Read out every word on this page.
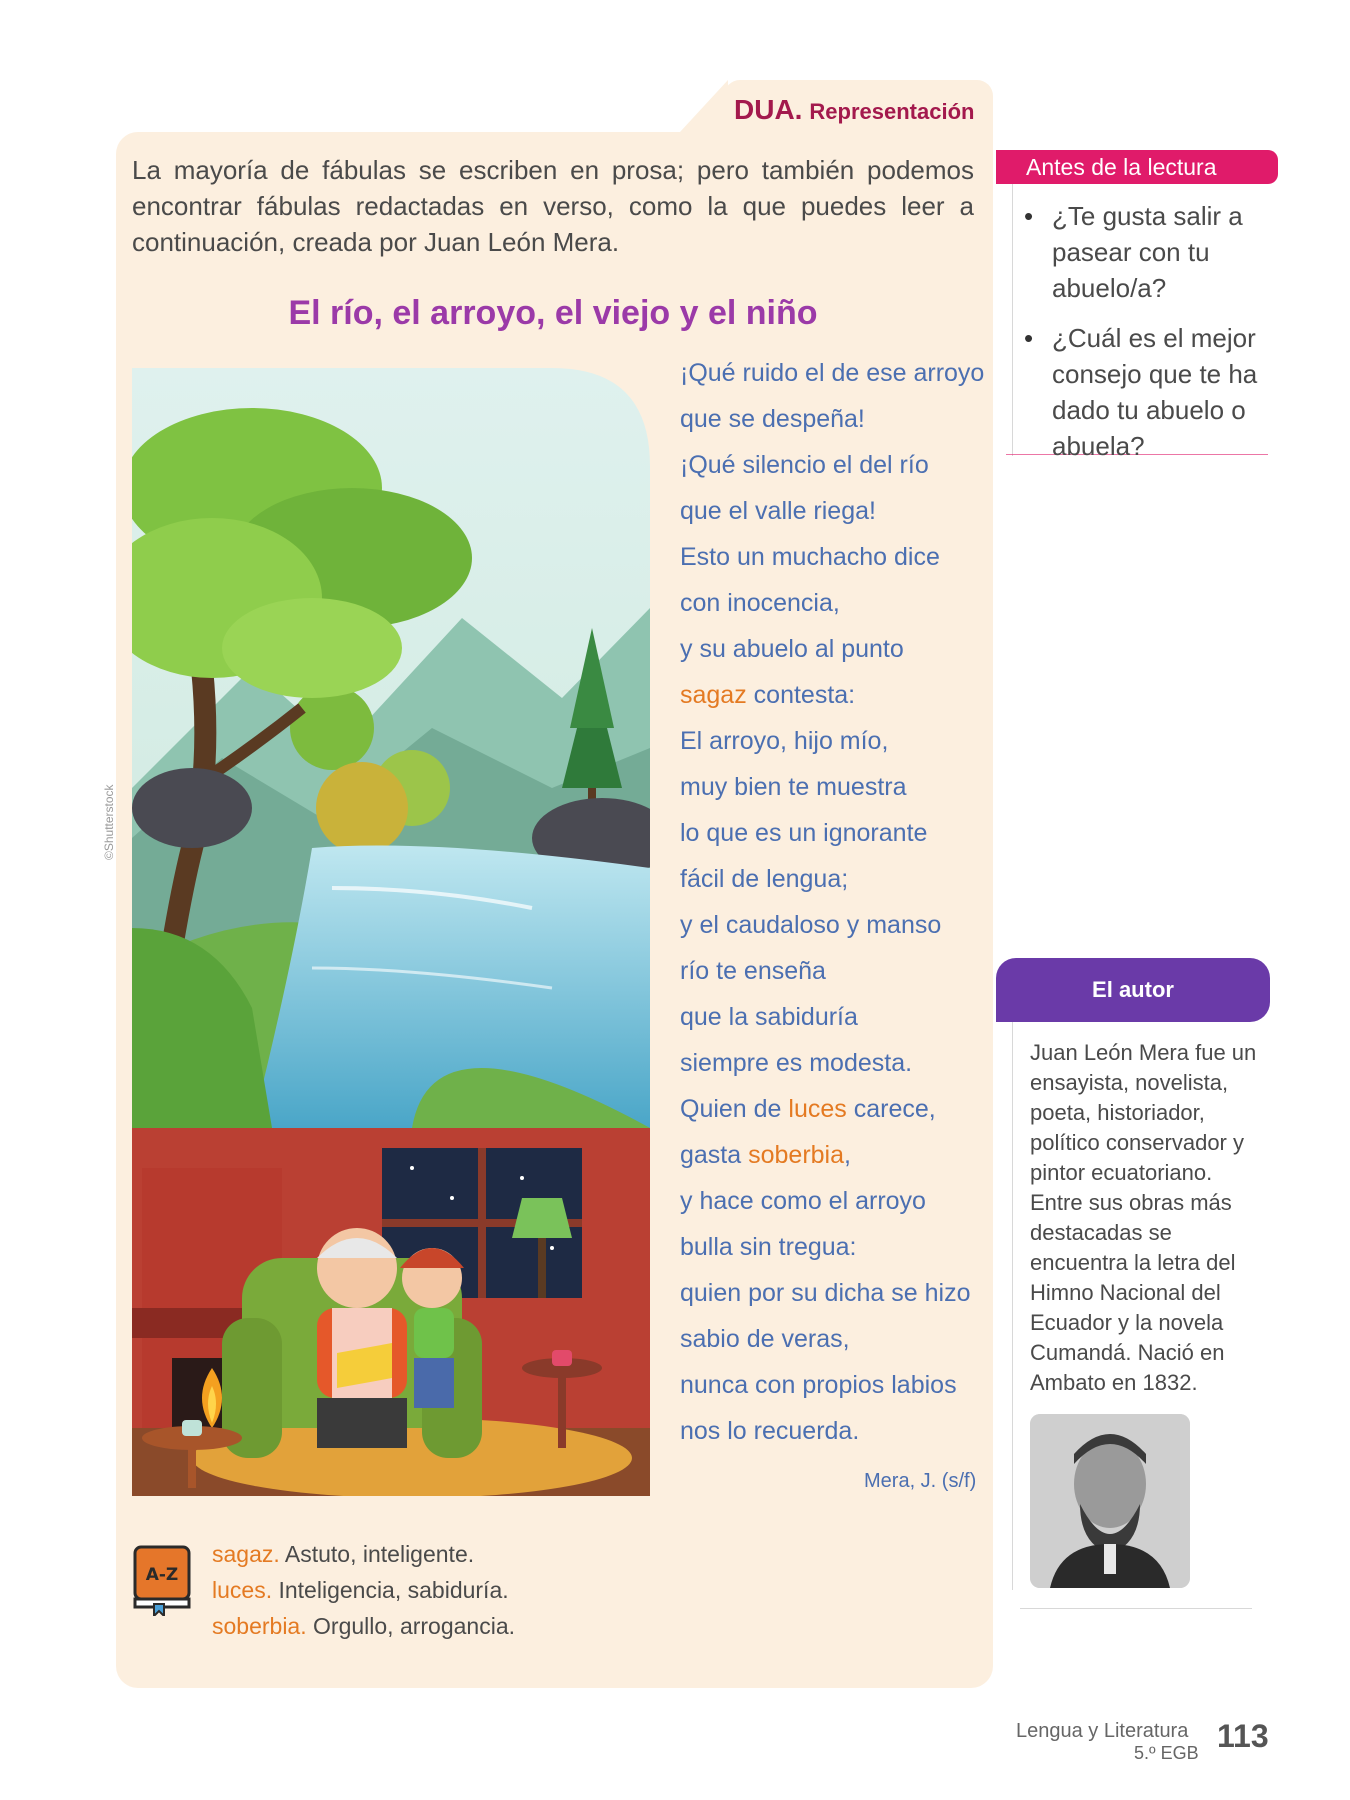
DUA. Representación

La mayoría de fábulas se escriben en prosa; pero también podemos encontrar fábulas redactadas en verso, como la que puedes leer a continuación, creada por Juan León Mera.

El río, el arroyo, el viejo y el niño
©Shutterstock
¡Qué ruido el de ese arroyo
que se despeña!
¡Qué silencio el del río
que el valle riega!
Esto un muchacho dice
con inocencia,
y su abuelo al punto
sagaz contesta:
El arroyo, hijo mío,
muy bien te muestra
lo que es un ignorante
fácil de lengua;
y el caudaloso y manso
río te enseña
que la sabiduría
siempre es modesta.
Quien de luces carece,
gasta soberbia,
y hace como el arroyo
bulla sin tregua:
quien por su dicha se hizo
sabio de veras,
nunca con propios labios
nos lo recuerda.
Mera, J. (s/f)
A-Z
sagaz. Astuto, inteligente.
luces. Inteligencia, sabiduría.
soberbia. Orgullo, arrogancia.
Antes de la lectura
• ¿Te gusta salir a pasear con tu abuelo/a?
• ¿Cuál es el mejor consejo que te ha dado tu abuelo o abuela?
El autor

Juan León Mera fue un ensayista, novelista, poeta, historiador, político conservador y pintor ecuatoriano. Entre sus obras más destacadas se encuentra la letra del Himno Nacional del Ecuador y la novela Cumandá. Nació en Ambato en 1832.

Lengua y Literatura
5.º EGB 113
